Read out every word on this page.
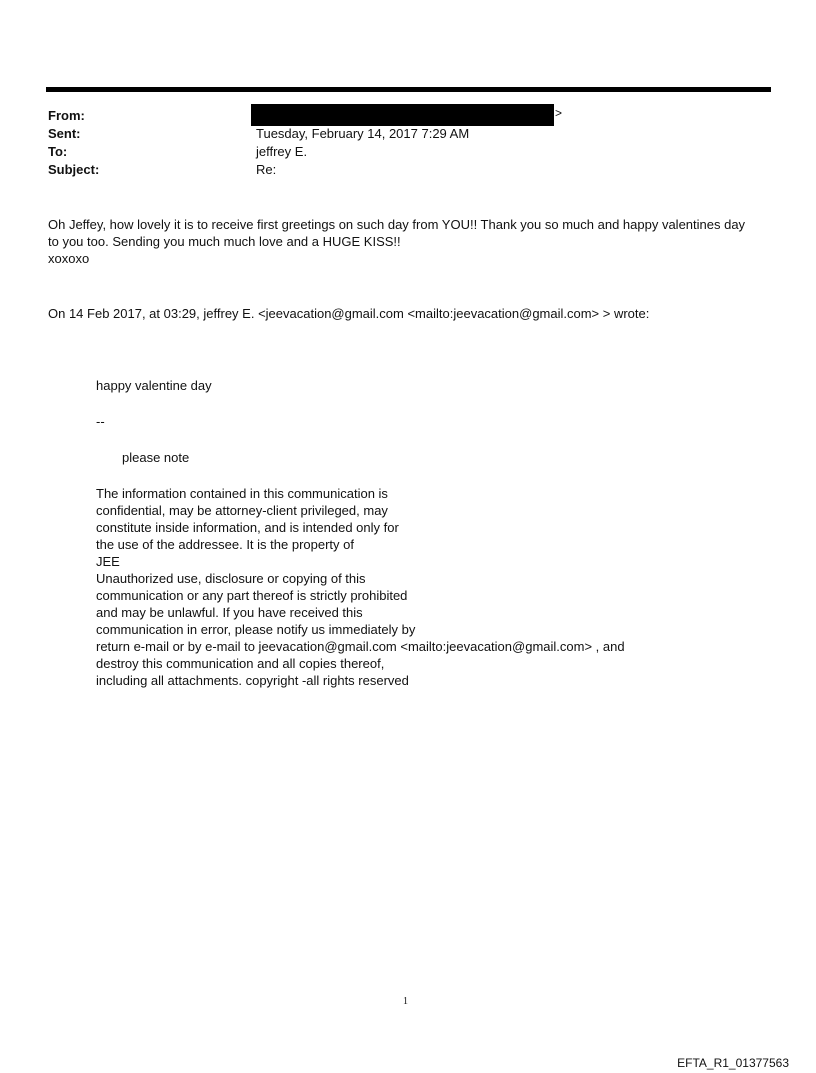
From:	>
Sent:	Tuesday, February 14, 2017 7:29 AM
To:	jeffrey E.
Subject:	Re:
Oh Jeffey, how lovely it is to receive first greetings on such day from YOU!! Thank you so much and happy valentines day
to you too. Sending you much much love and a HUGE KISS!!
xoxoxo
On 14 Feb 2017, at 03:29, jeffrey E. <jeevacation@gmail.com <mailto:jeevacation@gmail.com> > wrote:
happy valentine day
--
please note
The information contained in this communication is
confidential, may be attorney-client privileged, may
constitute inside information, and is intended only for
the use of the addressee. It is the property of
JEE
Unauthorized use, disclosure or copying of this
communication or any part thereof is strictly prohibited
and may be unlawful. If you have received this
communication in error, please notify us immediately by
return e-mail or by e-mail to jeevacation@gmail.com <mailto:jeevacation@gmail.com> , and
destroy this communication and all copies thereof,
including all attachments. copyright -all rights reserved
1
EFTA_R1_01377563
